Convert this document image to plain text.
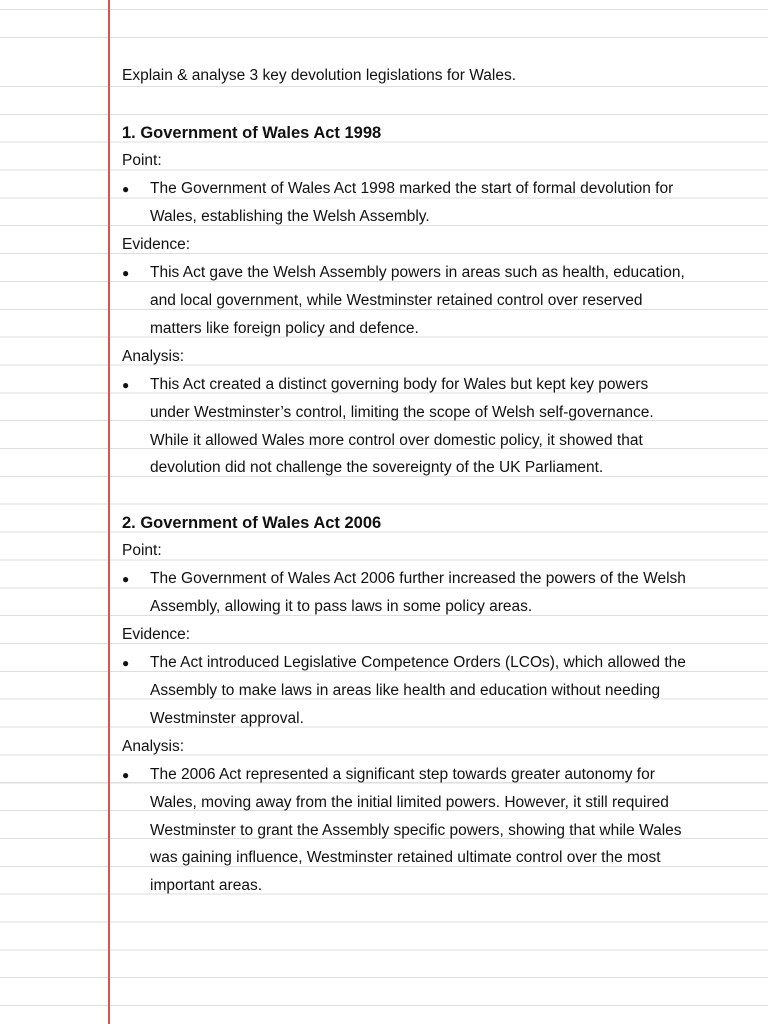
Explain & analyse 3 key devolution legislations for Wales.
1. Government of Wales Act 1998
Point:
● The Government of Wales Act 1998 marked the start of formal devolution for
Wales, establishing the Welsh Assembly.
Evidence:
● This Act gave the Welsh Assembly powers in areas such as health, education,
and local government, while Westminster retained control over reserved
matters like foreign policy and defence.
Analysis:
● This Act created a distinct governing body for Wales but kept key powers
under Westminster’s control, limiting the scope of Welsh self-governance.
While it allowed Wales more control over domestic policy, it showed that
devolution did not challenge the sovereignty of the UK Parliament.
2. Government of Wales Act 2006
Point:
● The Government of Wales Act 2006 further increased the powers of the Welsh
Assembly, allowing it to pass laws in some policy areas.
Evidence:
● The Act introduced Legislative Competence Orders (LCOs), which allowed the
Assembly to make laws in areas like health and education without needing
Westminster approval.
Analysis:
● The 2006 Act represented a significant step towards greater autonomy for
Wales, moving away from the initial limited powers. However, it still required
Westminster to grant the Assembly specific powers, showing that while Wales
was gaining influence, Westminster retained ultimate control over the most
important areas.
